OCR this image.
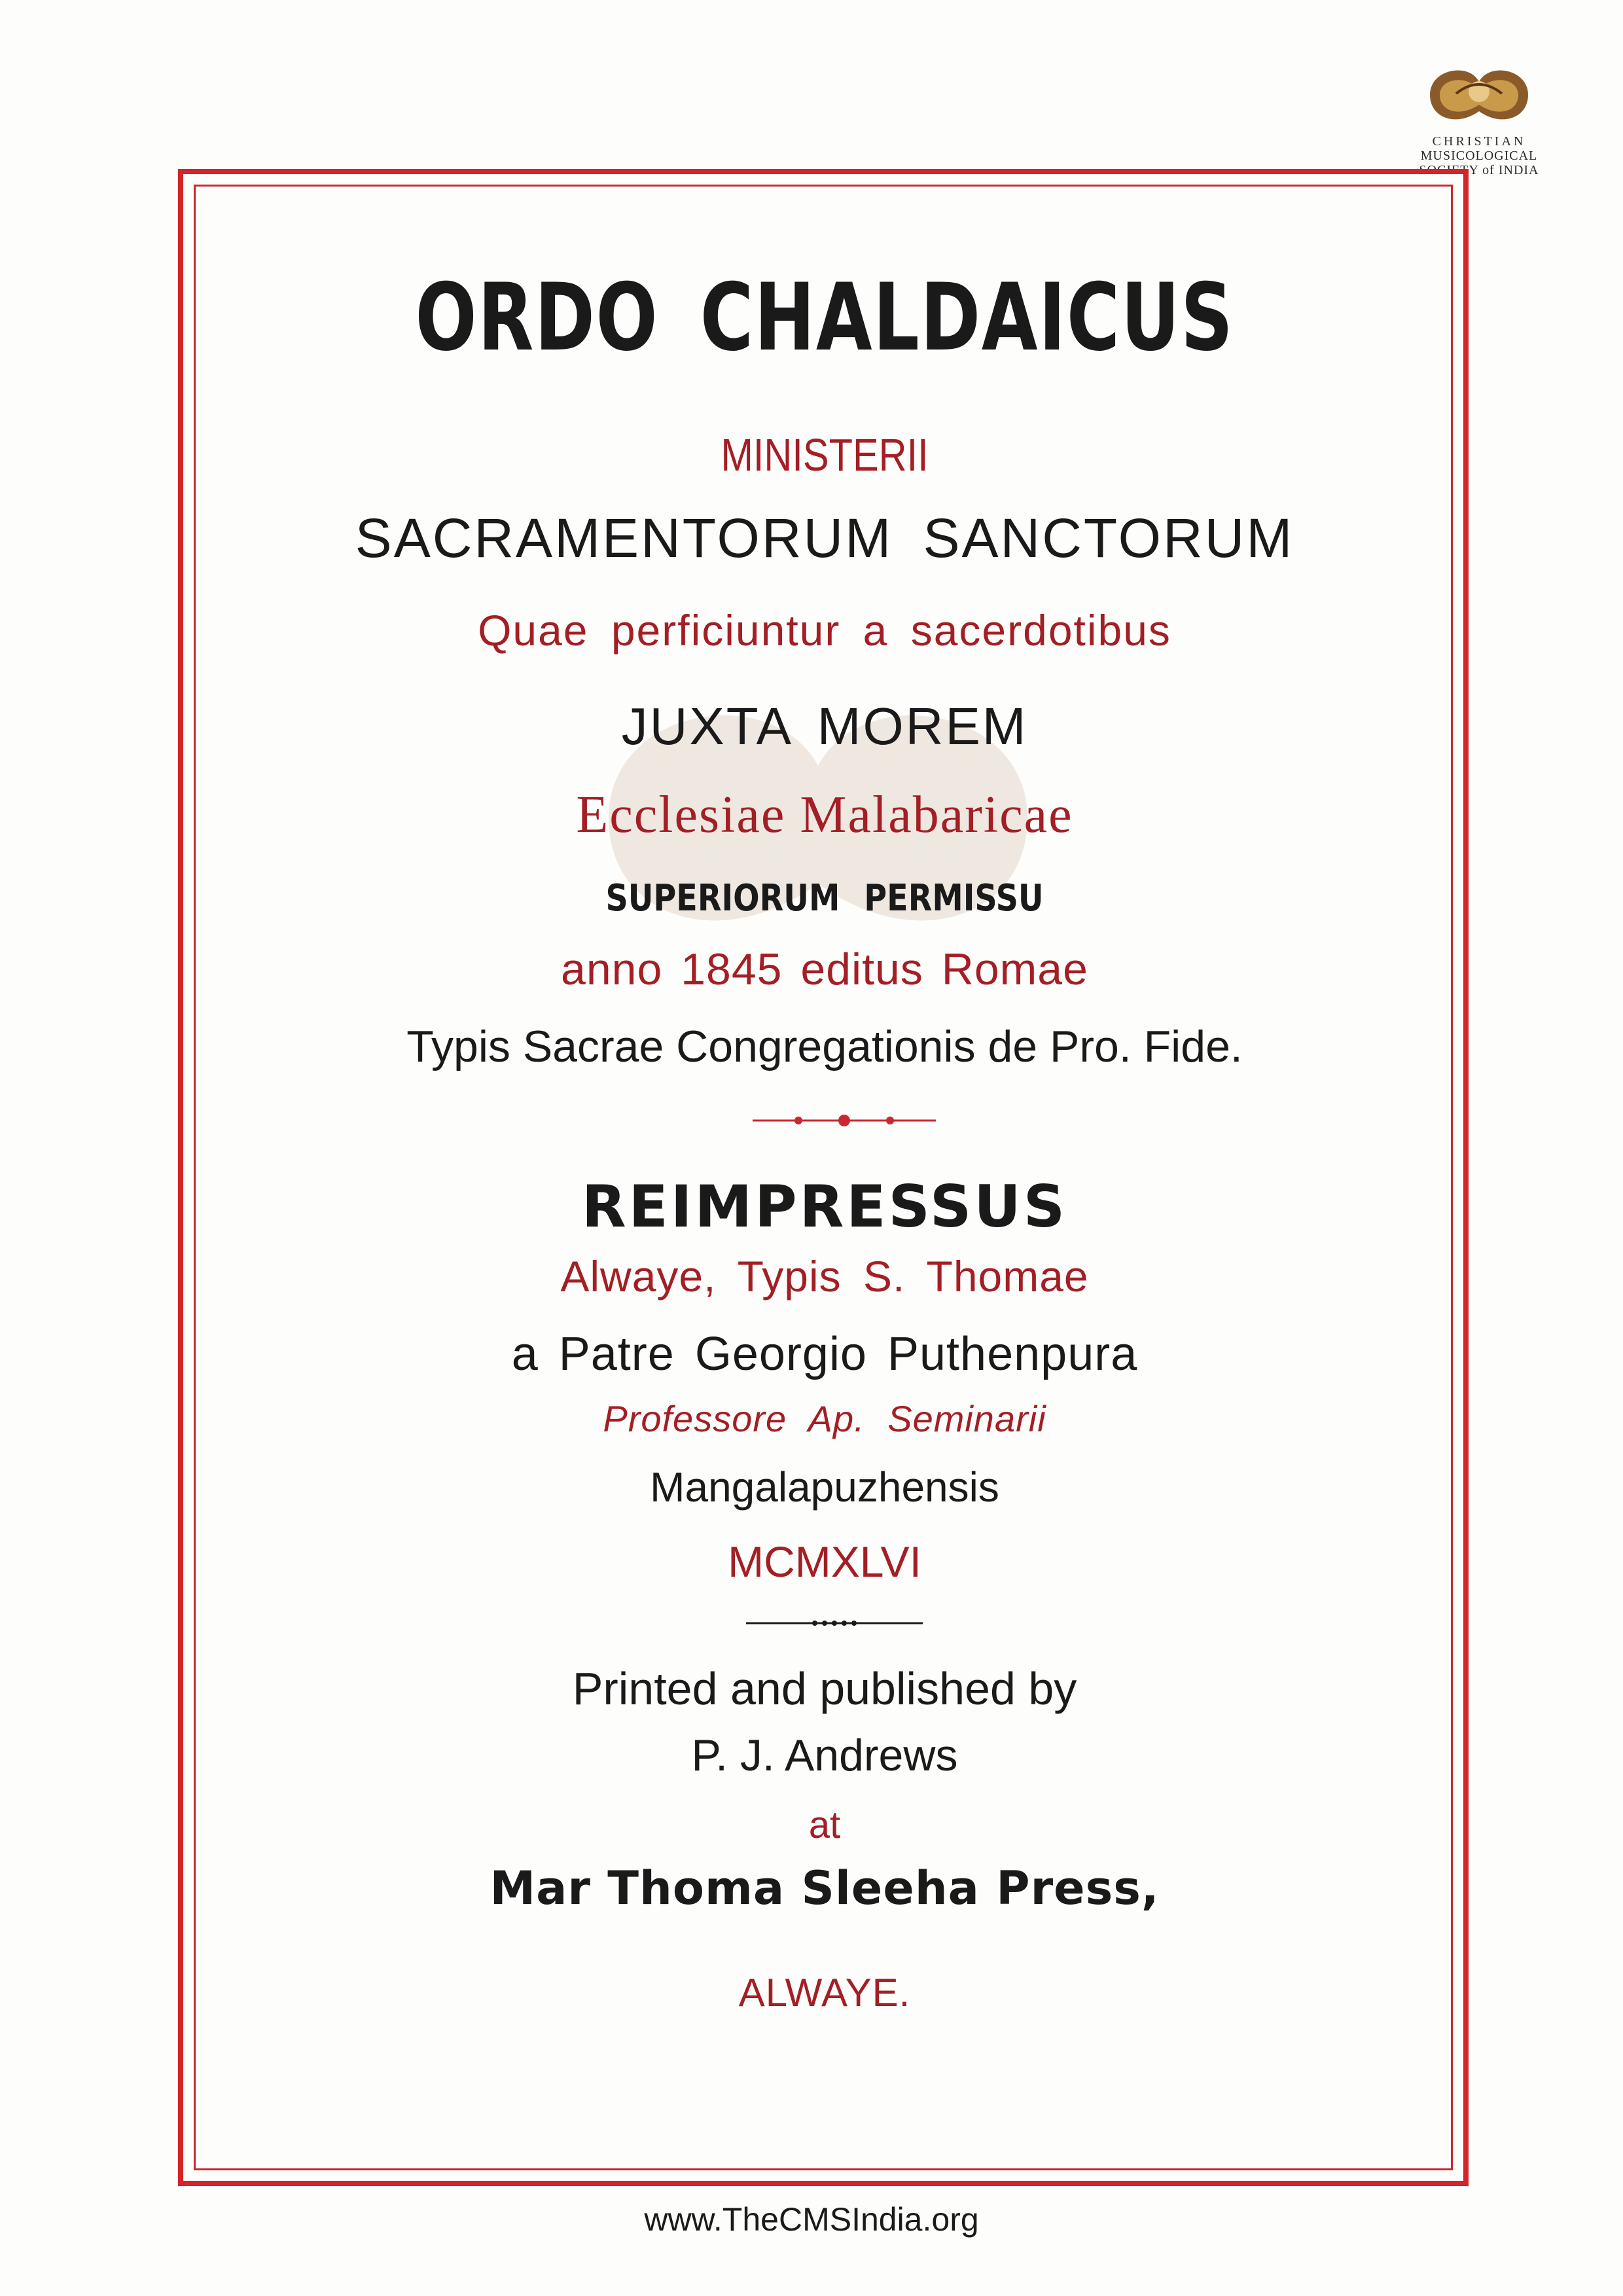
CHRISTIAN
MUSICOLOGICAL
SOCIETY of INDIA
ORDO CHALDAICUS
MINISTERII
SACRAMENTORUM SANCTORUM
Quae perficiuntur a sacerdotibus
JUXTA MOREM
Ecclesiae Malabaricae
SUPERIORUM PERMISSU
anno 1845 editus Romae
Typis Sacrae Congregationis de Pro. Fide.
REIMPRESSUS
Alwaye, Typis S. Thomae
a Patre Georgio Puthenpura
Professore Ap. Seminarii
Mangalapuzhensis
MCMXLVI
Printed and published by
P. J. Andrews
at
Mar Thoma Sleeha Press,
ALWAYE.
www.TheCMSIndia.org
